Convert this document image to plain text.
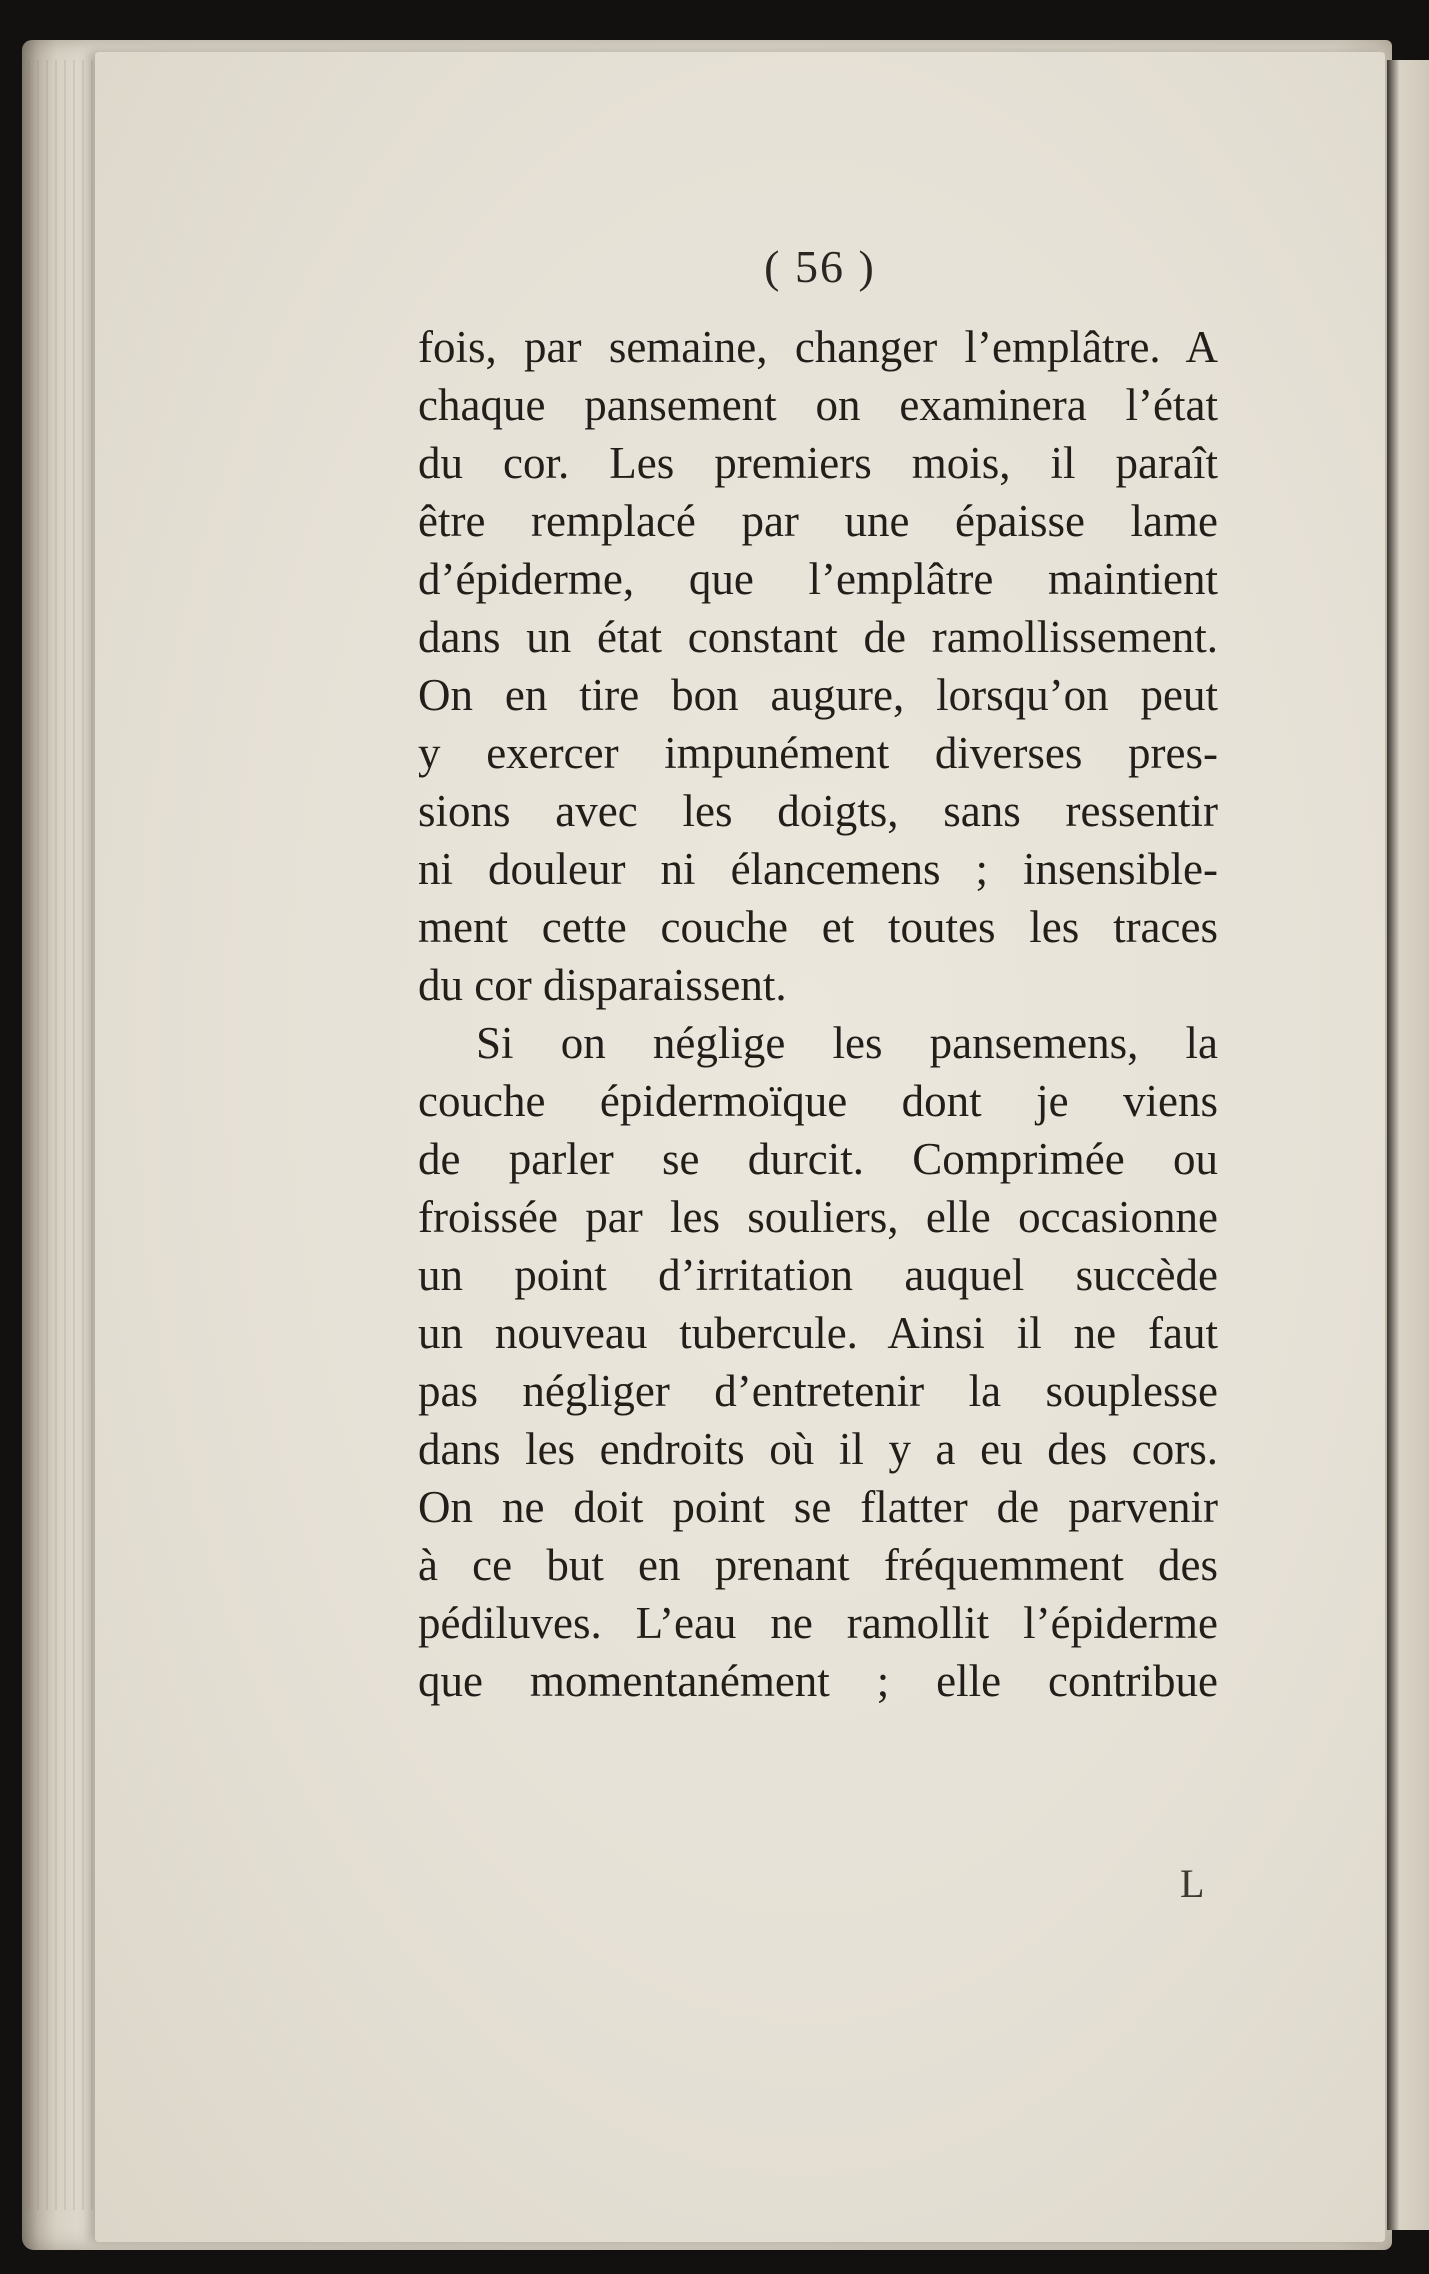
( 56 )
fois, par semaine, changer l’emplâtre. A
chaque pansement on examinera l’état
du cor. Les premiers mois, il paraît
être remplacé par une épaisse lame
d’épiderme, que l’emplâtre maintient
dans un état constant de ramollissement.
On en tire bon augure, lorsqu’on peut
y exercer impunément diverses pres-
sions avec les doigts, sans ressentir
ni douleur ni élancemens ; insensible-
ment cette couche et toutes les traces
du cor disparaissent.
Si on néglige les pansemens, la
couche épidermoïque dont je viens
de parler se durcit. Comprimée ou
froissée par les souliers, elle occasionne
un point d’irritation auquel succède
un nouveau tubercule. Ainsi il ne faut
pas négliger d’entretenir la souplesse
dans les endroits où il y a eu des cors.
On ne doit point se flatter de parvenir
à ce but en prenant fréquemment des
pédiluves. L’eau ne ramollit l’épiderme
que momentanément ; elle contribue
L
